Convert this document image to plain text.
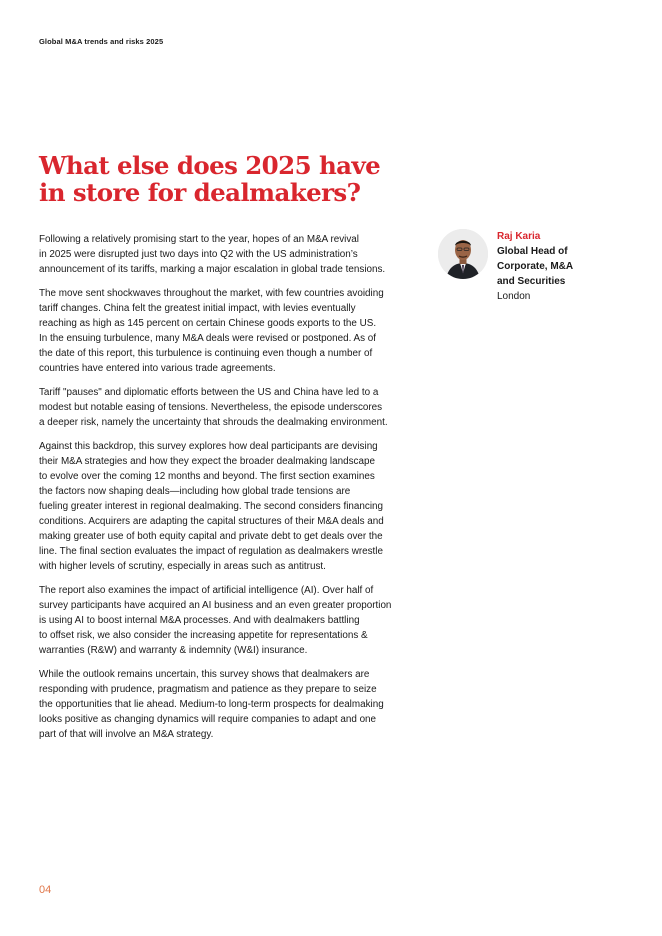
Global M&A trends and risks 2025
What else does 2025 have
in store for dealmakers?

Following a relatively promising start to the year, hopes of an M&A revival
in 2025 were disrupted just two days into Q2 with the US administration’s
announcement of its tariffs, marking a major escalation in global trade tensions.

The move sent shockwaves throughout the market, with few countries avoiding
tariff changes. China felt the greatest initial impact, with levies eventually
reaching as high as 145 percent on certain Chinese goods exports to the US.
In the ensuing turbulence, many M&A deals were revised or postponed. As of
the date of this report, this turbulence is continuing even though a number of
countries have entered into various trade agreements.

Tariff "pauses" and diplomatic efforts between the US and China have led to a
modest but notable easing of tensions. Nevertheless, the episode underscores
a deeper risk, namely the uncertainty that shrouds the dealmaking environment.

Against this backdrop, this survey explores how deal participants are devising
their M&A strategies and how they expect the broader dealmaking landscape
to evolve over the coming 12 months and beyond. The first section examines
the factors now shaping deals—including how global trade tensions are
fueling greater interest in regional dealmaking. The second considers financing
conditions. Acquirers are adapting the capital structures of their M&A deals and
making greater use of both equity capital and private debt to get deals over the
line. The final section evaluates the impact of regulation as dealmakers wrestle
with higher levels of scrutiny, especially in areas such as antitrust.

The report also examines the impact of artificial intelligence (AI). Over half of
survey participants have acquired an AI business and an even greater proportion
is using AI to boost internal M&A processes. And with dealmakers battling
to offset risk, we also consider the increasing appetite for representations &
warranties (R&W) and warranty & indemnity (W&I) insurance.

While the outlook remains uncertain, this survey shows that dealmakers are
responding with prudence, pragmatism and patience as they prepare to seize
the opportunities that lie ahead. Medium-to long-term prospects for dealmaking
looks positive as changing dynamics will require companies to adapt and one
part of that will involve an M&A strategy.

Raj Karia
Global Head of
Corporate, M&A
and Securities
London
04
